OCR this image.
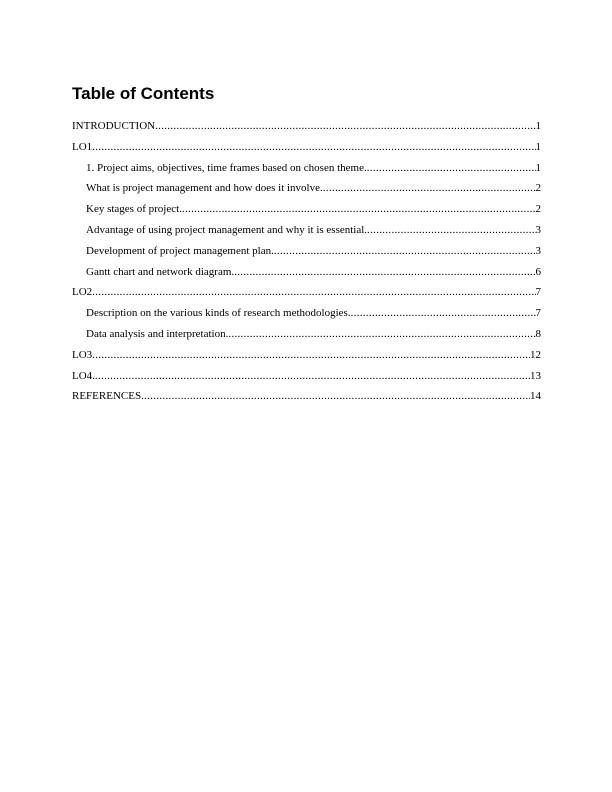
Table of Contents
INTRODUCTION .....	1
LO1 .....	1
1. Project aims, objectives, time frames based on chosen theme. .....	1
What is project management and how does it involve. .....	2
Key stages of project. .....	2
Advantage of using project management and why it is essential. .....	3
Development of project management plan. .....	3
Gantt chart and network diagram. .....	6
LO2 .....	7
Description on the various kinds of research methodologies. .....	7
Data analysis and interpretation. .....	8
LO3 .....	12
LO4. .....	13
REFERENCES .....	14
